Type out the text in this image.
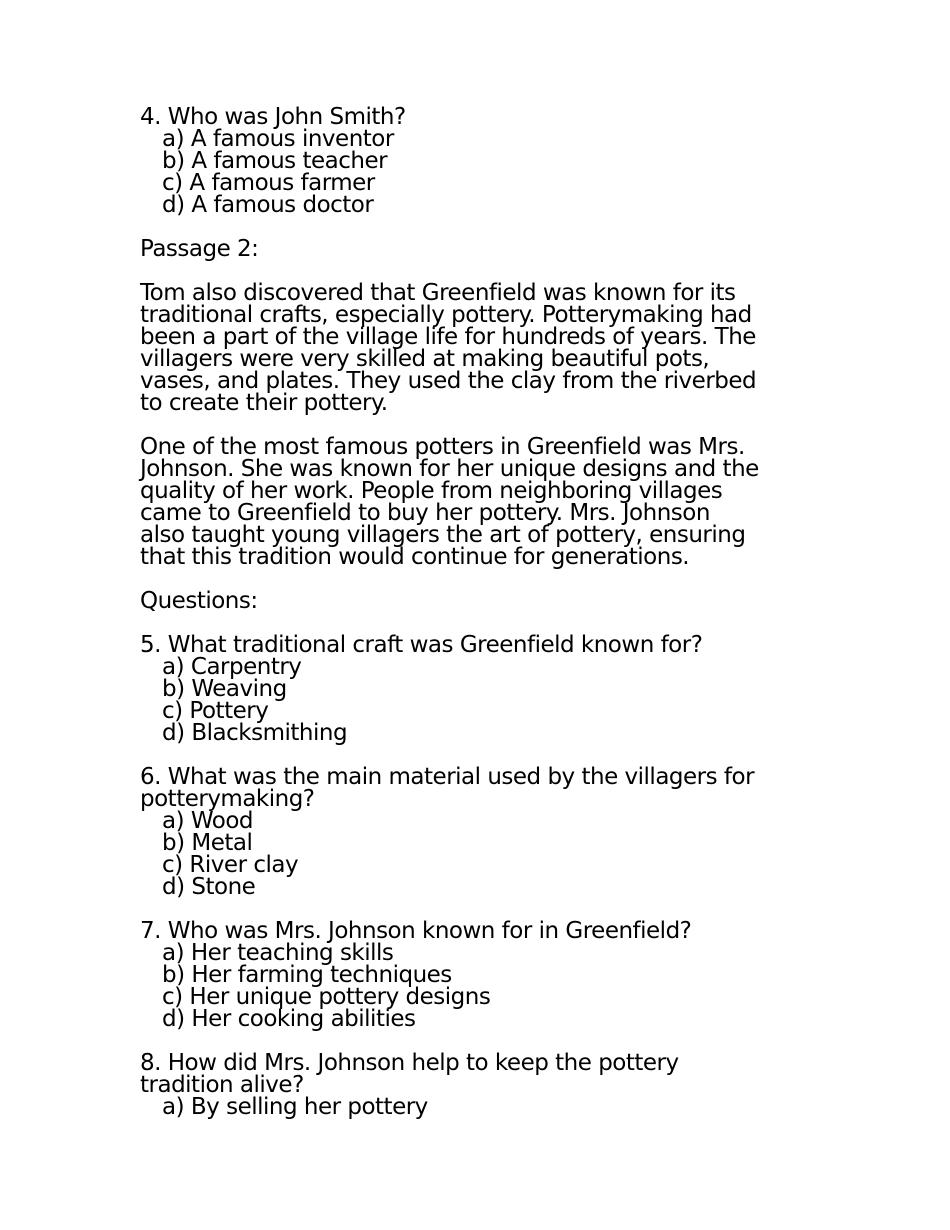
4. Who was John Smith?
a) A famous inventor
b) A famous teacher
c) A famous farmer
d) A famous doctor
Passage 2:
Tom also discovered that Greenfield was known for its
traditional crafts, especially pottery. Potterymaking had
been a part of the village life for hundreds of years. The
villagers were very skilled at making beautiful pots,
vases, and plates. They used the clay from the riverbed
to create their pottery.
One of the most famous potters in Greenfield was Mrs.
Johnson. She was known for her unique designs and the
quality of her work. People from neighboring villages
came to Greenfield to buy her pottery. Mrs. Johnson
also taught young villagers the art of pottery, ensuring
that this tradition would continue for generations.
Questions:
5. What traditional craft was Greenfield known for?
a) Carpentry
b) Weaving
c) Pottery
d) Blacksmithing
6. What was the main material used by the villagers for
potterymaking?
a) Wood
b) Metal
c) River clay
d) Stone
7. Who was Mrs. Johnson known for in Greenfield?
a) Her teaching skills
b) Her farming techniques
c) Her unique pottery designs
d) Her cooking abilities
8. How did Mrs. Johnson help to keep the pottery
tradition alive?
a) By selling her pottery
